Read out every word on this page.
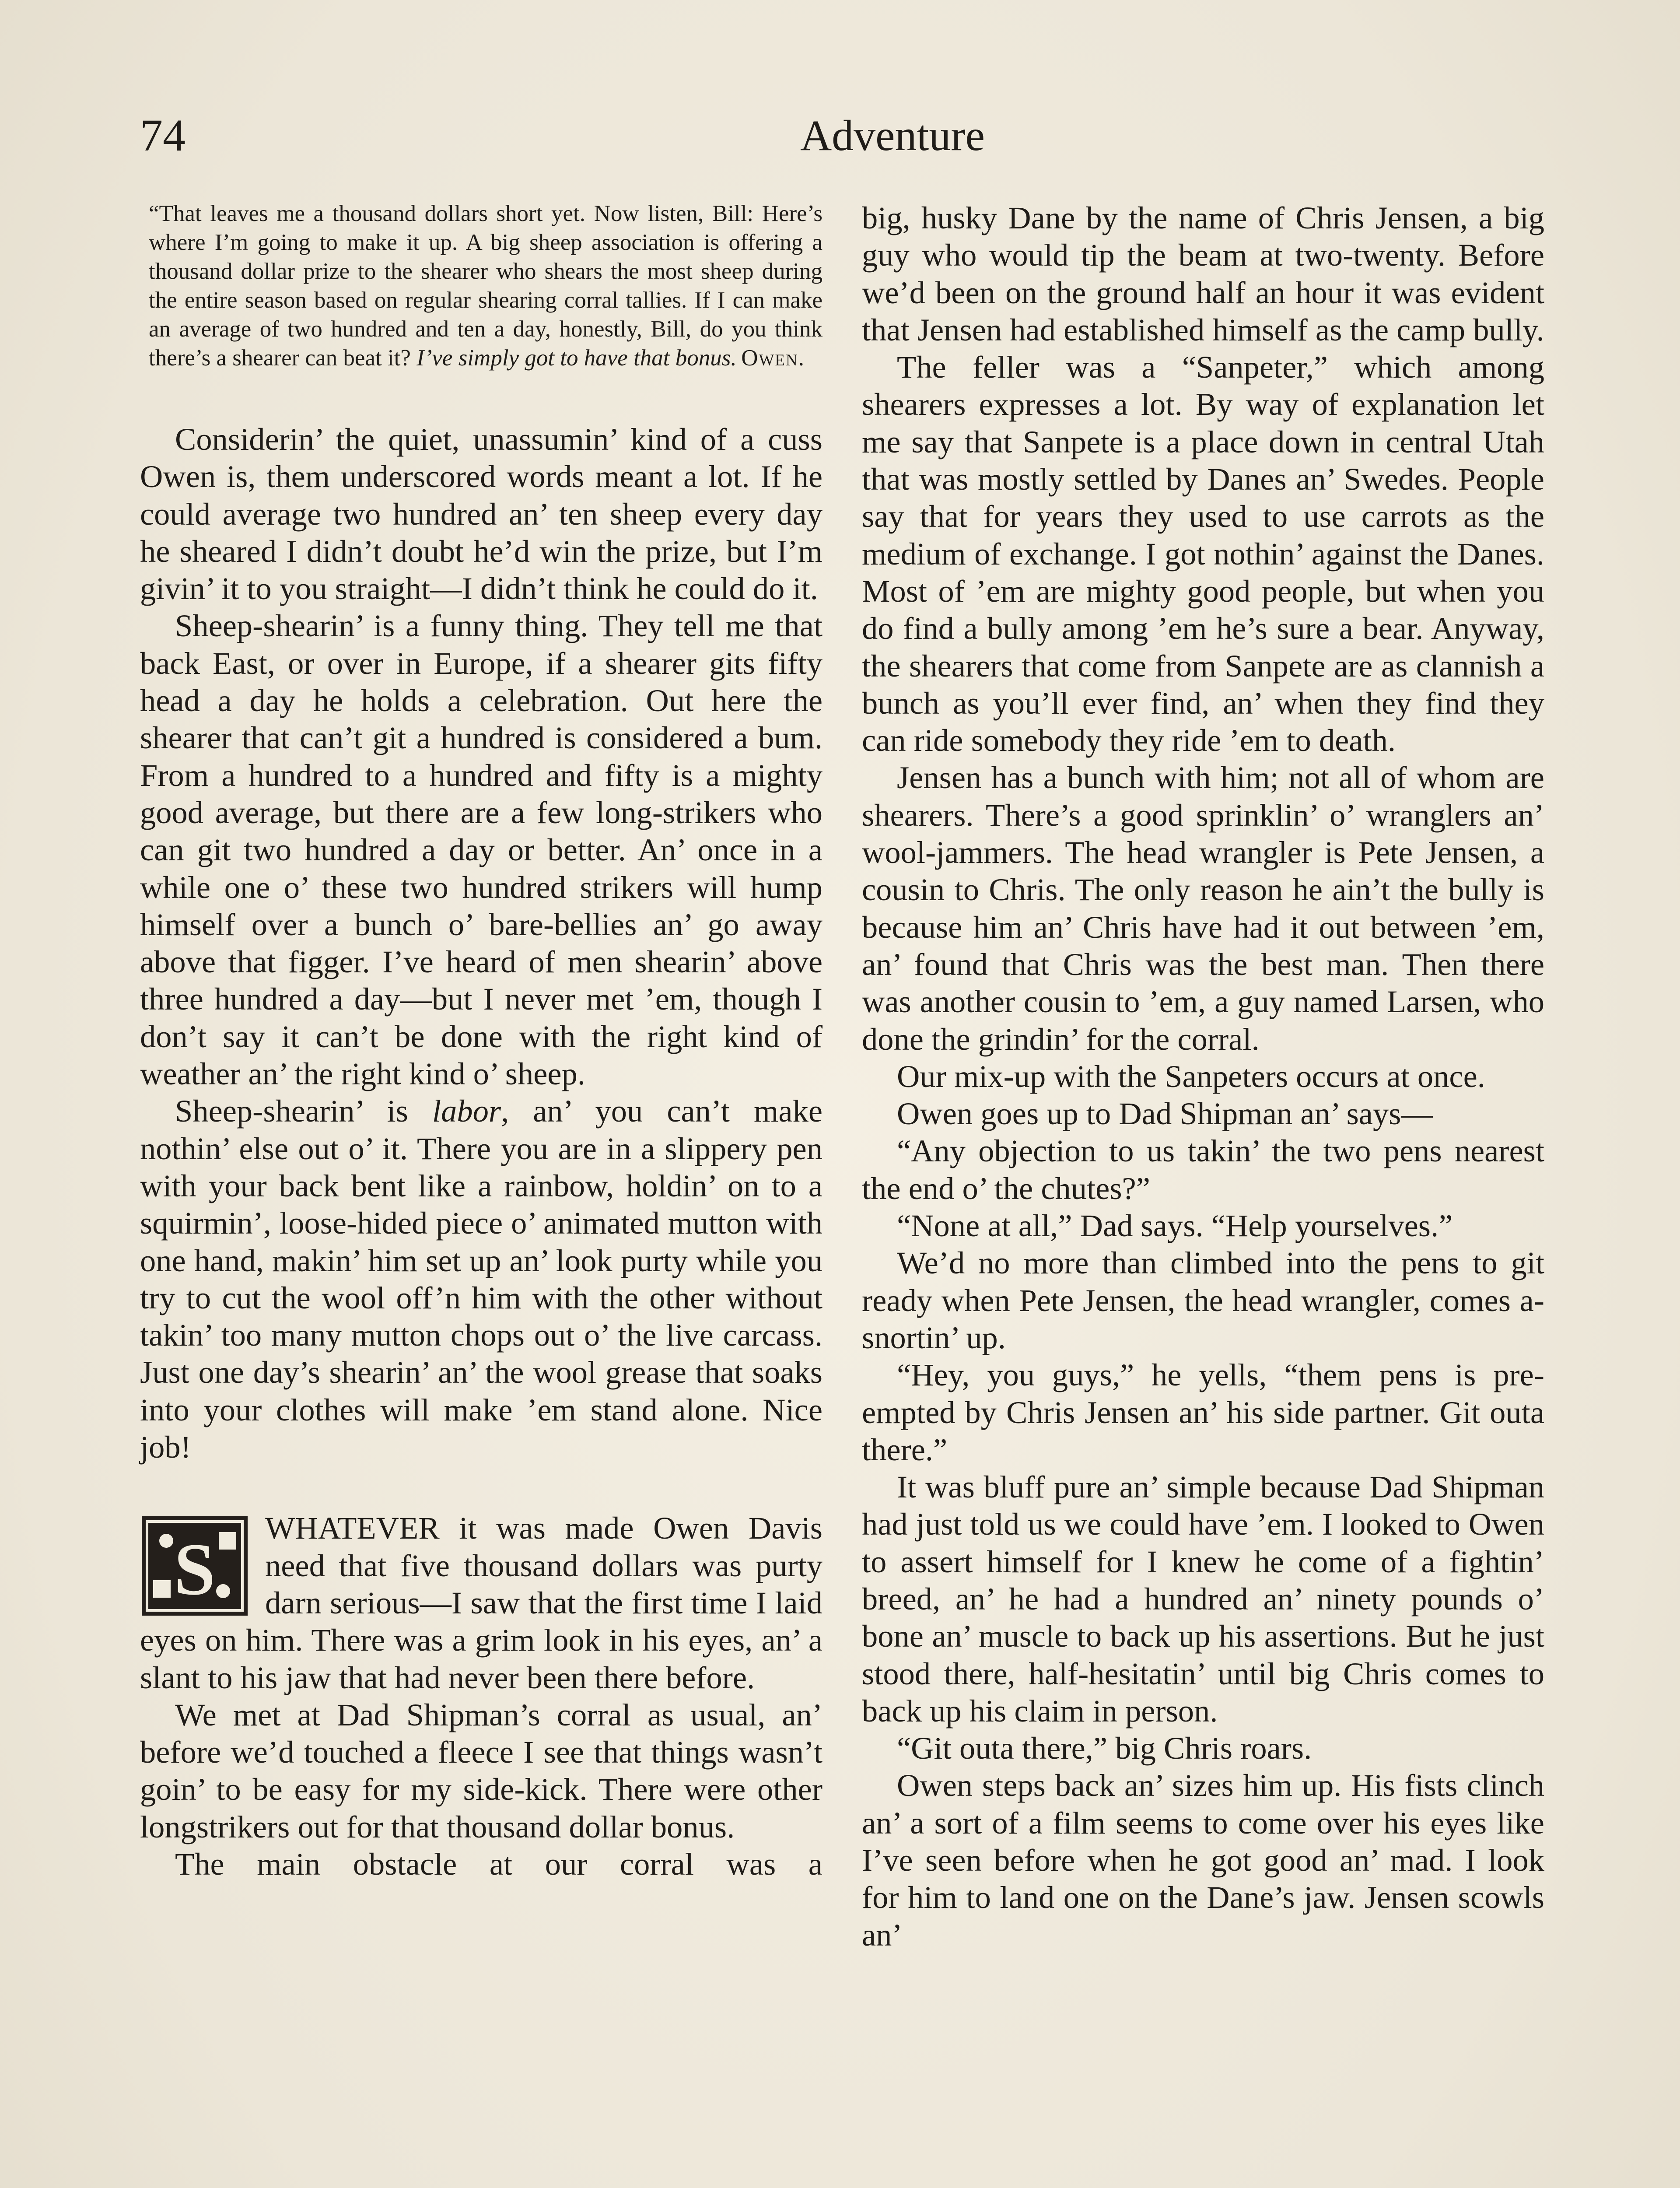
74	Adventure

“That leaves me a thousand dollars short yet. Now listen, Bill: Here’s where I’m going to make it up. A big sheep association is offering a thousand dollar prize to the shearer who shears the most sheep during the entire season based on regular shearing corral tallies. If I can make an average of two hundred and ten a day, honestly, Bill, do you think there’s a shearer can beat it? I’ve simply got to have that bonus. Owen.

Considerin’ the quiet, unassumin’ kind of a cuss Owen is, them underscored words meant a lot. If he could average two hundred an’ ten sheep every day he sheared I didn’t doubt he’d win the prize, but I’m givin’ it to you straight—I didn’t think he could do it.

Sheep-shearin’ is a funny thing. They tell me that back East, or over in Europe, if a shearer gits fifty head a day he holds a celebration. Out here the shearer that can’t git a hundred is considered a bum. From a hundred to a hundred and fifty is a mighty good average, but there are a few long-strikers who can git two hundred a day or better. An’ once in a while one o’ these two hundred strikers will hump himself over a bunch o’ bare-bellies an’ go away above that figger. I’ve heard of men shearin’ above three hundred a day—but I never met ’em, though I don’t say it can’t be done with the right kind of weather an’ the right kind o’ sheep.

Sheep-shearin’ is labor, an’ you can’t make nothin’ else out o’ it. There you are in a slippery pen with your back bent like a rainbow, holdin’ on to a squirmin’, loose-hided piece o’ animated mutton with one hand, makin’ him set up an’ look purty while you try to cut the wool off’n him with the other without takin’ too many mutton chops out o’ the live carcass. Just one day’s shearin’ an’ the wool grease that soaks into your clothes will make ’em stand alone. Nice job!

S
WHATEVER it was made Owen Davis need that five thousand dollars was purty darn serious—I saw that the first time I laid eyes on him. There was a grim look in his eyes, an’ a slant to his jaw that had never been there before.

We met at Dad Shipman’s corral as usual, an’ before we’d touched a fleece I see that things wasn’t goin’ to be easy for my side-kick. There were other longstrikers out for that thousand dollar bonus.

The main obstacle at our corral was a

big, husky Dane by the name of Chris Jensen, a big guy who would tip the beam at two-twenty. Before we’d been on the ground half an hour it was evident that Jensen had established himself as the camp bully.

The feller was a “Sanpeter,” which among shearers expresses a lot. By way of explanation let me say that Sanpete is a place down in central Utah that was mostly settled by Danes an’ Swedes. People say that for years they used to use carrots as the medium of exchange. I got nothin’ against the Danes. Most of ’em are mighty good people, but when you do find a bully among ’em he’s sure a bear. Anyway, the shearers that come from Sanpete are as clannish a bunch as you’ll ever find, an’ when they find they can ride somebody they ride ’em to death.

Jensen has a bunch with him; not all of whom are shearers. There’s a good sprinklin’ o’ wranglers an’ wool-jammers. The head wrangler is Pete Jensen, a cousin to Chris. The only reason he ain’t the bully is because him an’ Chris have had it out between ’em, an’ found that Chris was the best man. Then there was another cousin to ’em, a guy named Larsen, who done the grindin’ for the corral.

Our mix-up with the Sanpeters occurs at once.

Owen goes up to Dad Shipman an’ says—

“Any objection to us takin’ the two pens nearest the end o’ the chutes?”

“None at all,” Dad says. “Help yourselves.”

We’d no more than climbed into the pens to git ready when Pete Jensen, the head wrangler, comes a-snortin’ up.

“Hey, you guys,” he yells, “them pens is pre-empted by Chris Jensen an’ his side partner. Git outa there.”

It was bluff pure an’ simple because Dad Shipman had just told us we could have ’em. I looked to Owen to assert himself for I knew he come of a fightin’ breed, an’ he had a hundred an’ ninety pounds o’ bone an’ muscle to back up his assertions. But he just stood there, half-hesitatin’ until big Chris comes to back up his claim in person.

“Git outa there,” big Chris roars.

Owen steps back an’ sizes him up. His fists clinch an’ a sort of a film seems to come over his eyes like I’ve seen before when he got good an’ mad. I look for him to land one on the Dane’s jaw. Jensen scowls an’
